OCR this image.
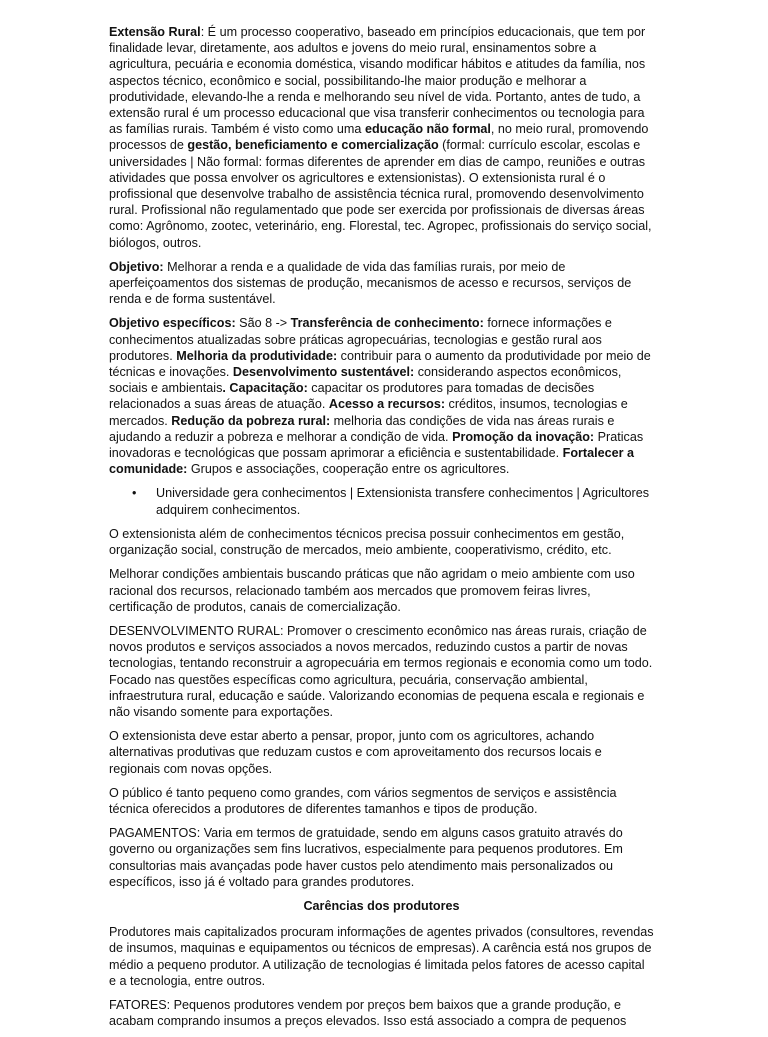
Extensão Rural: É um processo cooperativo, baseado em princípios educacionais, que tem por finalidade levar, diretamente, aos adultos e jovens do meio rural, ensinamentos sobre a agricultura, pecuária e economia doméstica, visando modificar hábitos e atitudes da família, nos aspectos técnico, econômico e social, possibilitando-lhe maior produção e melhorar a produtividade, elevando-lhe a renda e melhorando seu nível de vida. Portanto, antes de tudo, a extensão rural é um processo educacional que visa transferir conhecimentos ou tecnologia para as famílias rurais. Também é visto como uma educação não formal, no meio rural, promovendo processos de gestão, beneficiamento e comercialização (formal: currículo escolar, escolas e universidades | Não formal: formas diferentes de aprender em dias de campo, reuniões e outras atividades que possa envolver os agricultores e extensionistas). O extensionista rural é o profissional que desenvolve trabalho de assistência técnica rural, promovendo desenvolvimento rural. Profissional não regulamentado que pode ser exercida por profissionais de diversas áreas como: Agrônomo, zootec, veterinário, eng. Florestal, tec. Agropec, profissionais do serviço social, biólogos, outros.

Objetivo: Melhorar a renda e a qualidade de vida das famílias rurais, por meio de aperfeiçoamentos dos sistemas de produção, mecanismos de acesso e recursos, serviços de renda e de forma sustentável.

Objetivo específicos: São 8 -> Transferência de conhecimento: fornece informações e conhecimentos atualizadas sobre práticas agropecuárias, tecnologias e gestão rural aos produtores. Melhoria da produtividade: contribuir para o aumento da produtividade por meio de técnicas e inovações. Desenvolvimento sustentável: considerando aspectos econômicos, sociais e ambientais. Capacitação: capacitar os produtores para tomadas de decisões relacionados a suas áreas de atuação. Acesso a recursos: créditos, insumos, tecnologias e mercados. Redução da pobreza rural: melhoria das condições de vida nas áreas rurais e ajudando a reduzir a pobreza e melhorar a condição de vida. Promoção da inovação: Praticas inovadoras e tecnológicas que possam aprimorar a eficiência e sustentabilidade. Fortalecer a comunidade: Grupos e associações, cooperação entre os agricultores.

• Universidade gera conhecimentos | Extensionista transfere conhecimentos | Agricultores adquirem conhecimentos.

O extensionista além de conhecimentos técnicos precisa possuir conhecimentos em gestão, organização social, construção de mercados, meio ambiente, cooperativismo, crédito, etc.

Melhorar condições ambientais buscando práticas que não agridam o meio ambiente com uso racional dos recursos, relacionado também aos mercados que promovem feiras livres, certificação de produtos, canais de comercialização.

DESENVOLVIMENTO RURAL: Promover o crescimento econômico nas áreas rurais, criação de novos produtos e serviços associados a novos mercados, reduzindo custos a partir de novas tecnologias, tentando reconstruir a agropecuária em termos regionais e economia como um todo. Focado nas questões específicas como agricultura, pecuária, conservação ambiental, infraestrutura rural, educação e saúde. Valorizando economias de pequena escala e regionais e não visando somente para exportações.

O extensionista deve estar aberto a pensar, propor, junto com os agricultores, achando alternativas produtivas que reduzam custos e com aproveitamento dos recursos locais e regionais com novas opções.

O público é tanto pequeno como grandes, com vários segmentos de serviços e assistência técnica oferecidos a produtores de diferentes tamanhos e tipos de produção.

PAGAMENTOS: Varia em termos de gratuidade, sendo em alguns casos gratuito através do governo ou organizações sem fins lucrativos, especialmente para pequenos produtores. Em consultorias mais avançadas pode haver custos pelo atendimento mais personalizados ou específicos, isso já é voltado para grandes produtores.

Carências dos produtores

Produtores mais capitalizados procuram informações de agentes privados (consultores, revendas de insumos, maquinas e equipamentos ou técnicos de empresas). A carência está nos grupos de médio a pequeno produtor. A utilização de tecnologias é limitada pelos fatores de acesso capital e a tecnologia, entre outros.

FATORES: Pequenos produtores vendem por preços bem baixos que a grande produção, e acabam comprando insumos a preços elevados. Isso está associado a compra de pequenos
